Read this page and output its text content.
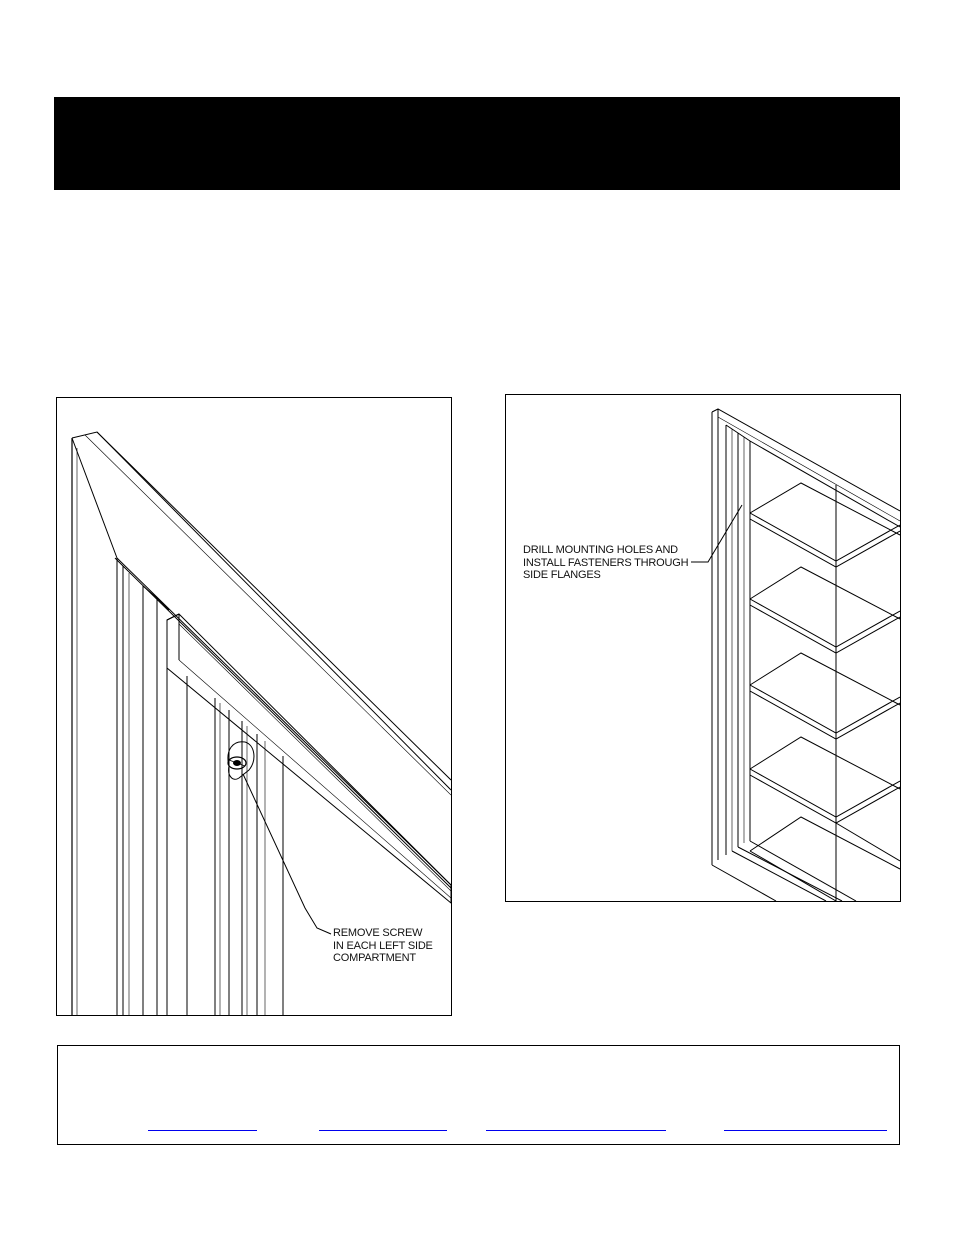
REMOVE SCREW
IN EACH LEFT SIDE
COMPARTMENT
DRILL MOUNTING HOLES AND
INSTALL FASTENERS THROUGH
SIDE FLANGES
